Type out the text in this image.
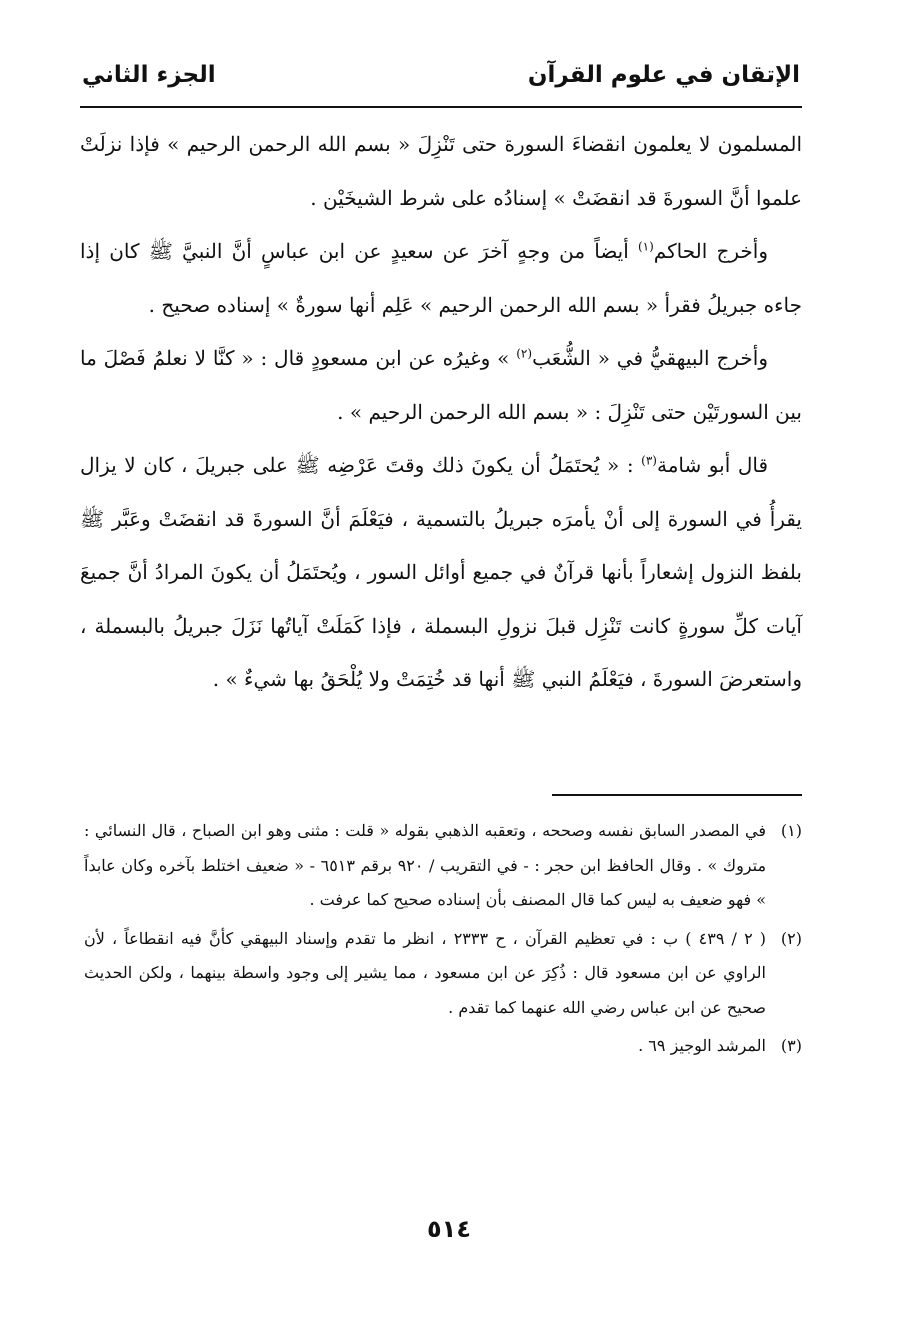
الإتقان في علوم القرآن
الجزء الثاني

المسلمون لا يعلمون انقضاءَ السورة حتى تَنْزِلَ « بسم الله الرحمن الرحيم » فإذا نزلَتْ علموا أنَّ السورةَ قد انقضَتْ » إسنادُه على شرط الشيخَيْن .

وأخرج الحاكم$^{(١)}$ أيضاً من وجهٍ آخرَ عن سعيدٍ عن ابن عباسٍ أنَّ النبيَّ ﷺ كان إذا جاءه جبريلُ فقرأ « بسم الله الرحمن الرحيم » عَلِم أنها سورةٌ » إسناده صحيح .

وأخرج البيهقيُّ في « الشُّعَب$^{(٢)}$ » وغيرُه عن ابن مسعودٍ قال : « كنَّا لا نعلمُ فَصْلَ ما بين السورتَيْن حتى تَنْزِلَ : « بسم الله الرحمن الرحيم » .

قال أبو شامة$^{(٣)}$ : « يُحتَمَلُ أن يكونَ ذلك وقتَ عَرْضِه ﷺ على جبريلَ ، كان لا يزال يقرأُ في السورة إلى أنْ يأمرَه جبريلُ بالتسمية ، فيَعْلَمَ أنَّ السورةَ قد انقضَتْ وعَبَّر ﷺ بلفظ النزول إشعاراً بأنها قرآنٌ في جميع أوائل السور ، ويُحتَمَلُ أن يكونَ المرادُ أنَّ جميعَ آيات كلِّ سورةٍ كانت تَنْزِل قبلَ نزولِ البسملة ، فإذا كَمَلَتْ آياتُها نَزَلَ جبريلُ بالبسملة ، واستعرضَ السورةَ ، فيَعْلَمُ النبي ﷺ أنها قد خُتِمَتْ ولا يُلْحَقُ بها شيءٌ » .

(١)
في المصدر السابق نفسه وصححه ، وتعقبه الذهبي بقوله « قلت : مثنى وهو ابن الصباح ، قال النسائي : متروك » . وقال الحافظ ابن حجر : - في التقريب / ٩٢٠ برقم ٦٥١٣ - « ضعيف اختلط بآخره وكان عابداً » فهو ضعيف به ليس كما قال المصنف بأن إسناده صحيح كما عرفت .
(٢)
( ٢ / ٤٣٩ ) ب : في تعظيم القرآن ، ح ٢٣٣٣ ، انظر ما تقدم وإسناد البيهقي كأنَّ فيه انقطاعاً ، لأن الراوي عن ابن مسعود قال : ذُكِرَ عن ابن مسعود ، مما يشير إلى وجود واسطة بينهما ، ولكن الحديث صحيح عن ابن عباس رضي الله عنهما كما تقدم .
(٣)
المرشد الوجيز ٦٩ .
٥١٤
